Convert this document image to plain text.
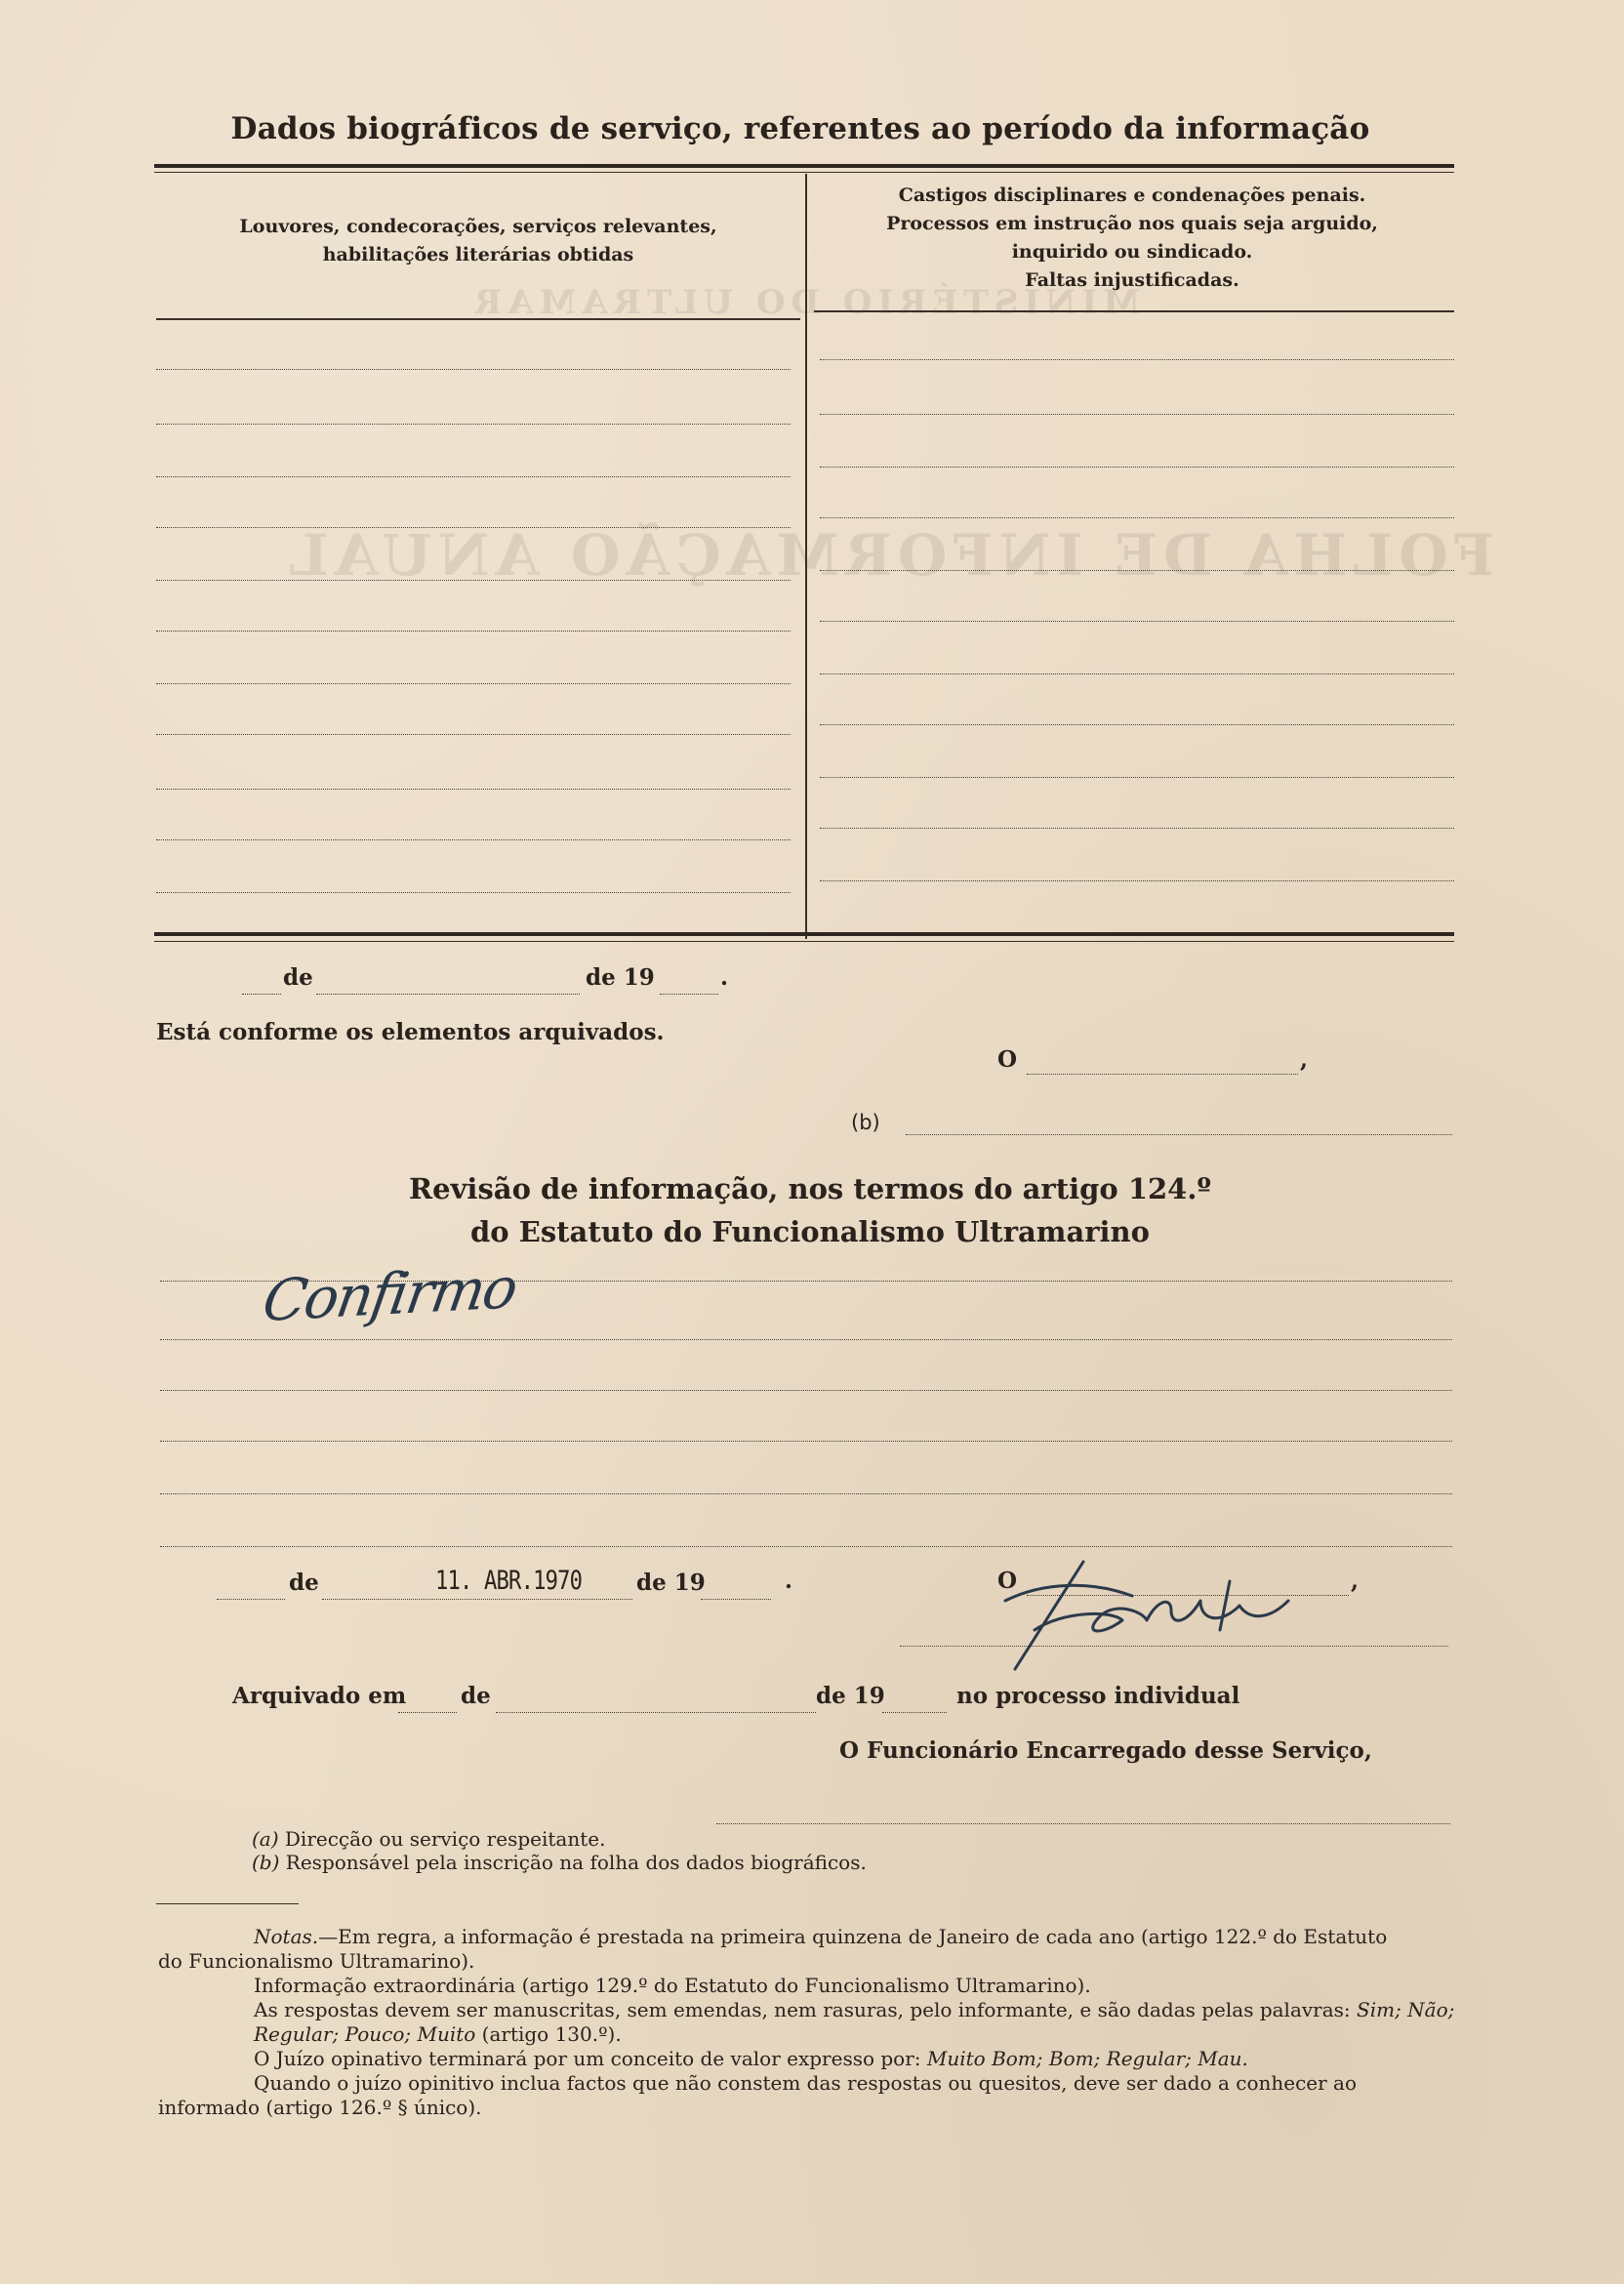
MINISTÉRIO DO ULTRAMAR
FOLHA DE INFORMAÇÃO ANUAL
Dados biográficos de serviço, referentes ao período da informação
Louvores, condecorações, serviços relevantes,
habilitações literárias obtidas
Castigos disciplinares e condenações penais.
Processos em instrução nos quais seja arguido,
inquirido ou sindicado.
Faltas injustificadas.
de	de 19	.
Está conforme os elementos arquivados.
O	,
(b)
Revisão de informação, nos termos do artigo 124.º
do Estatuto do Funcionalismo Ultramarino
Confirmo
de	11. ABR.1970 de 19	.	O	,
Arquivado em de	de 19	no processo individual
O Funcionário Encarregado desse Serviço,
(a) Direcção ou serviço respeitante.
(b) Responsável pela inscrição na folha dos dados biográficos.
Notas.—Em regra, a informação é prestada na primeira quinzena de Janeiro de cada ano (artigo 122.º do Estatuto
do Funcionalismo Ultramarino).
Informação extraordinária (artigo 129.º do Estatuto do Funcionalismo Ultramarino).
As respostas devem ser manuscritas, sem emendas, nem rasuras, pelo informante, e são dadas pelas palavras: Sim; Não; Regular; Pouco; Muito (artigo 130.º).
O Juízo opinativo terminará por um conceito de valor expresso por: Muito Bom; Bom; Regular; Mau.
Quando o juízo opinitivo inclua factos que não constem das respostas ou quesitos, deve ser dado a conhecer ao
informado (artigo 126.º § único).
